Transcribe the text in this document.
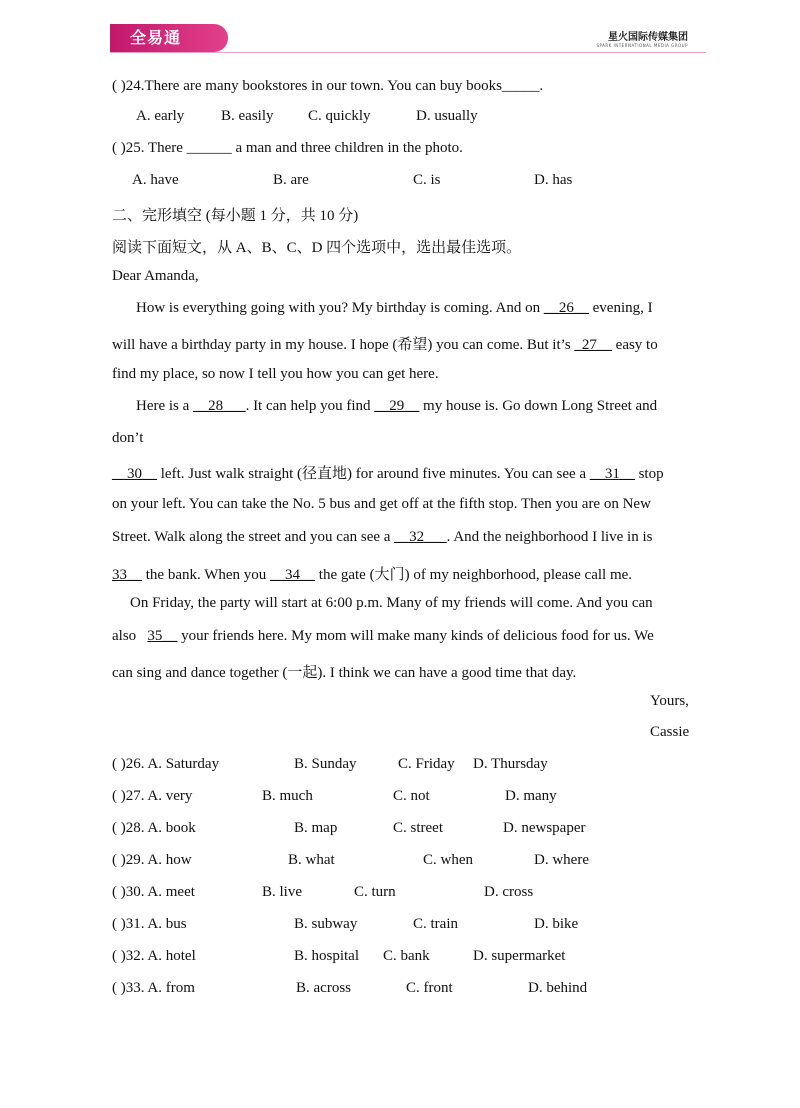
全易通	星火国际传媒集团
SPARK INTERNATIONAL MEDIA GROUP
( )24.There are many bookstores in our town. You can buy books_____.
A. early B. easily C. quickly	D. usually
( )25. There ______ a man and three children in the photo.
A. have	B. are	C. is	D. has
二、完形填空 (每小题 1 分，共 10 分)
阅读下面短文，从 A、B、C、D 四个选项中，选出最佳选项。
Dear Amanda,
How is everything going with you? My birthday is coming. And on __26__ evening, I
will have a birthday party in my house. I hope (希望) you can come. But it’s _27__ easy to
find my place, so now I tell you how you can get here.
Here is a __28___. It can help you find __29__ my house is. Go down Long Street and
don’t
__30__ left. Just walk straight (径直地) for around five minutes. You can see a __31__ stop
on your left. You can take the No. 5 bus and get off at the fifth stop. Then you are on New
Street. Walk along the street and you can see a __32___. And the neighborhood I live in is
33__ the bank. When you __34__ the gate (大门) of my neighborhood, please call me.
On Friday, the party will start at 6:00 p.m. Many of my friends will come. And you can
also 35__ your friends here. My mom will make many kinds of delicious food for us. We
can sing and dance together (一起). I think we can have a good time that day.
Yours,
Cassie
( )26. A. Saturday	B. Sunday	C. Friday D. Thursday
( )27. A. very	B. much	C. not	D. many
( )28. A. book	B. map	C. street	D. newspaper
( )29. A. how	B. what	C. when	D. where
( )30. A. meet	B. live	C. turn	D. cross
( )31. A. bus	B. subway	C. train	D. bike
( )32. A. hotel	B. hospital C. bank	D. supermarket
( )33. A. from	B. across	C. front	D. behind
